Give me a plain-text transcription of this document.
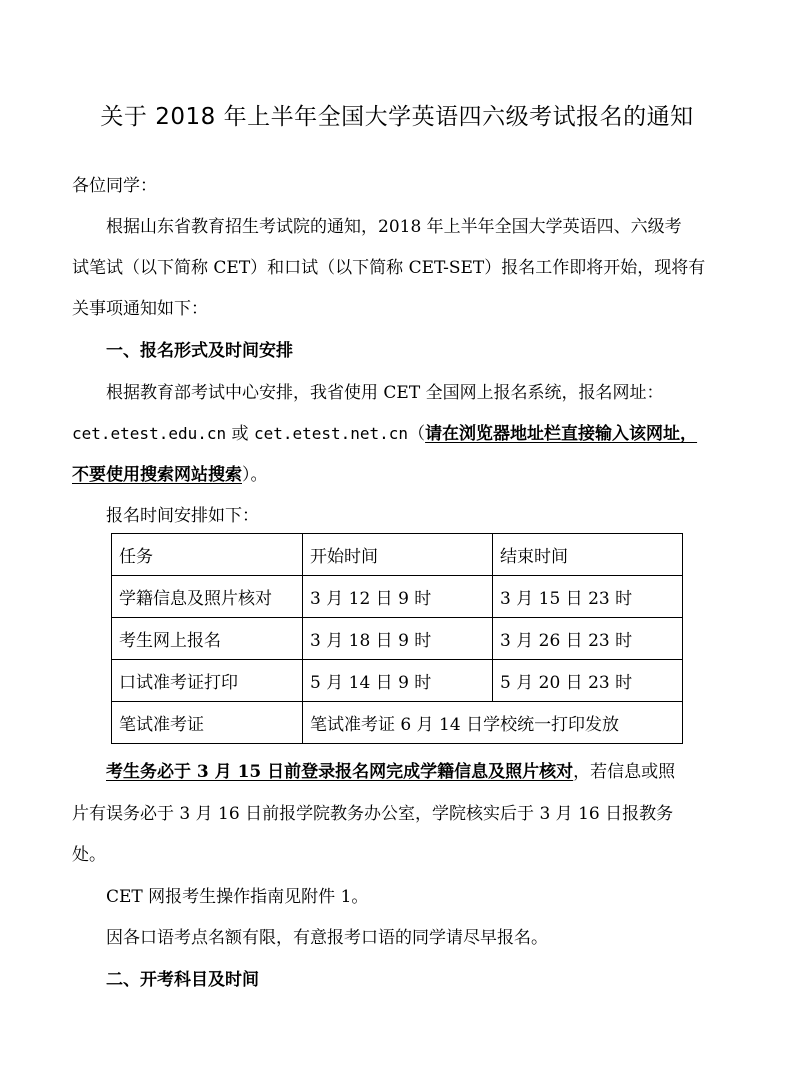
关于 2018 年上半年全国大学英语四六级考试报名的通知
各位同学：
根据山东省教育招生考试院的通知，2018 年上半年全国大学英语四、六级考
试笔试（以下简称 CET）和口试（以下简称 CET-SET）报名工作即将开始，现将有
关事项通知如下：
一、报名形式及时间安排
根据教育部考试中心安排，我省使用 CET 全国网上报名系统，报名网址：
cet.etest.edu.cn 或 cet.etest.net.cn（请在浏览器地址栏直接输入该网址，
不要使用搜索网站搜索）。
报名时间安排如下：
任务	开始时间	结束时间
学籍信息及照片核对	3 月 12 日 9 时	3 月 15 日 23 时
考生网上报名	3 月 18 日 9 时	3 月 26 日 23 时
口试准考证打印	5 月 14 日 9 时	5 月 20 日 23 时
笔试准考证	笔试准考证 6 月 14 日学校统一打印发放	
考生务必于 3 月 15 日前登录报名网完成学籍信息及照片核对，若信息或照
片有误务必于 3 月 16 日前报学院教务办公室，学院核实后于 3 月 16 日报教务
处。
CET 网报考生操作指南见附件 1。
因各口语考点名额有限，有意报考口语的同学请尽早报名。
二、开考科目及时间
